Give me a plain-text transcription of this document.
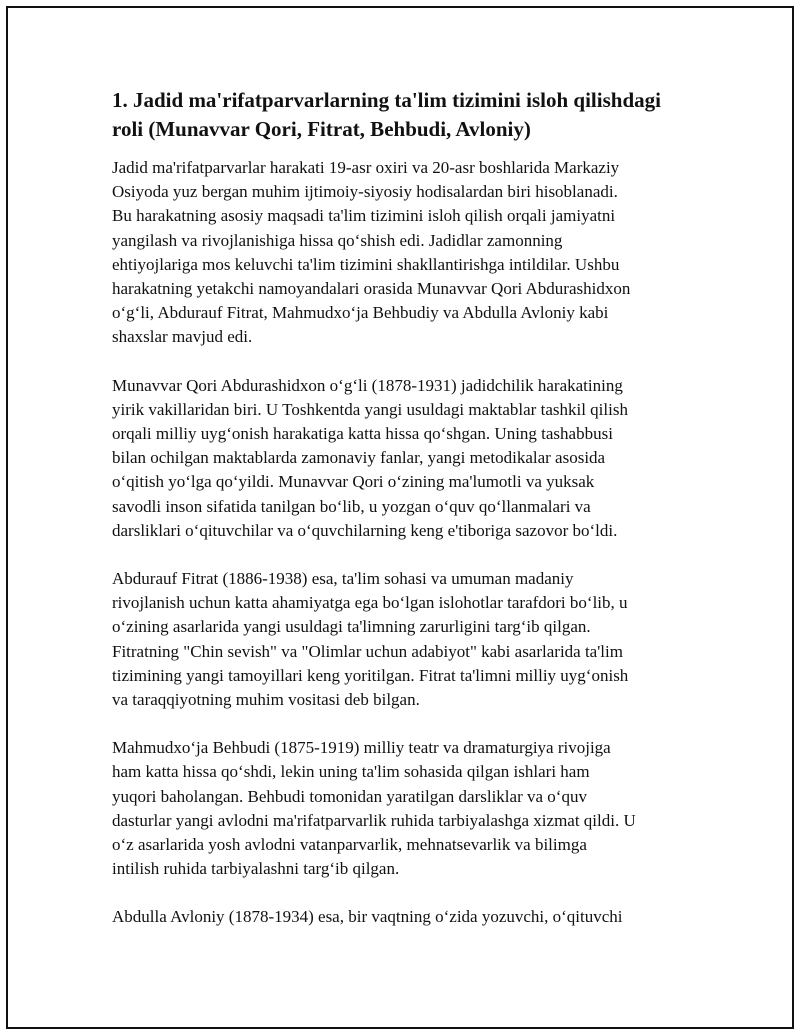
1. Jadid ma'rifatparvarlarning ta'lim tizimini isloh qilishdagi
roli (Munavvar Qori, Fitrat, Behbudi, Avloniy)

Jadid ma'rifatparvarlar harakati 19-asr oxiri va 20-asr boshlarida Markaziy
Osiyoda yuz bergan muhim ijtimoiy-siyosiy hodisalardan biri hisoblanadi.
Bu harakatning asosiy maqsadi ta'lim tizimini isloh qilish orqali jamiyatni
yangilash va rivojlanishiga hissa qo‘shish edi. Jadidlar zamonning
ehtiyojlariga mos keluvchi ta'lim tizimini shakllantirishga intildilar. Ushbu
harakatning yetakchi namoyandalari orasida Munavvar Qori Abdurashidxon
o‘g‘li, Abdurauf Fitrat, Mahmudxo‘ja Behbudiy va Abdulla Avloniy kabi
shaxslar mavjud edi.

Munavvar Qori Abdurashidxon o‘g‘li (1878-1931) jadidchilik harakatining
yirik vakillaridan biri. U Toshkentda yangi usuldagi maktablar tashkil qilish
orqali milliy uyg‘onish harakatiga katta hissa qo‘shgan. Uning tashabbusi
bilan ochilgan maktablarda zamonaviy fanlar, yangi metodikalar asosida
o‘qitish yo‘lga qo‘yildi. Munavvar Qori o‘zining ma'lumotli va yuksak
savodli inson sifatida tanilgan bo‘lib, u yozgan o‘quv qo‘llanmalari va
darsliklari o‘qituvchilar va o‘quvchilarning keng e'tiboriga sazovor bo‘ldi.

Abdurauf Fitrat (1886-1938) esa, ta'lim sohasi va umuman madaniy
rivojlanish uchun katta ahamiyatga ega bo‘lgan islohotlar tarafdori bo‘lib, u
o‘zining asarlarida yangi usuldagi ta'limning zarurligini targ‘ib qilgan.
Fitratning "Chin sevish" va "Olimlar uchun adabiyot" kabi asarlarida ta'lim
tizimining yangi tamoyillari keng yoritilgan. Fitrat ta'limni milliy uyg‘onish
va taraqqiyotning muhim vositasi deb bilgan.

Mahmudxo‘ja Behbudi (1875-1919) milliy teatr va dramaturgiya rivojiga
ham katta hissa qo‘shdi, lekin uning ta'lim sohasida qilgan ishlari ham
yuqori baholangan. Behbudi tomonidan yaratilgan darsliklar va o‘quv
dasturlar yangi avlodni ma'rifatparvarlik ruhida tarbiyalashga xizmat qildi. U
o‘z asarlarida yosh avlodni vatanparvarlik, mehnatsevarlik va bilimga
intilish ruhida tarbiyalashni targ‘ib qilgan.

Abdulla Avloniy (1878-1934) esa, bir vaqtning o‘zida yozuvchi, o‘qituvchi
